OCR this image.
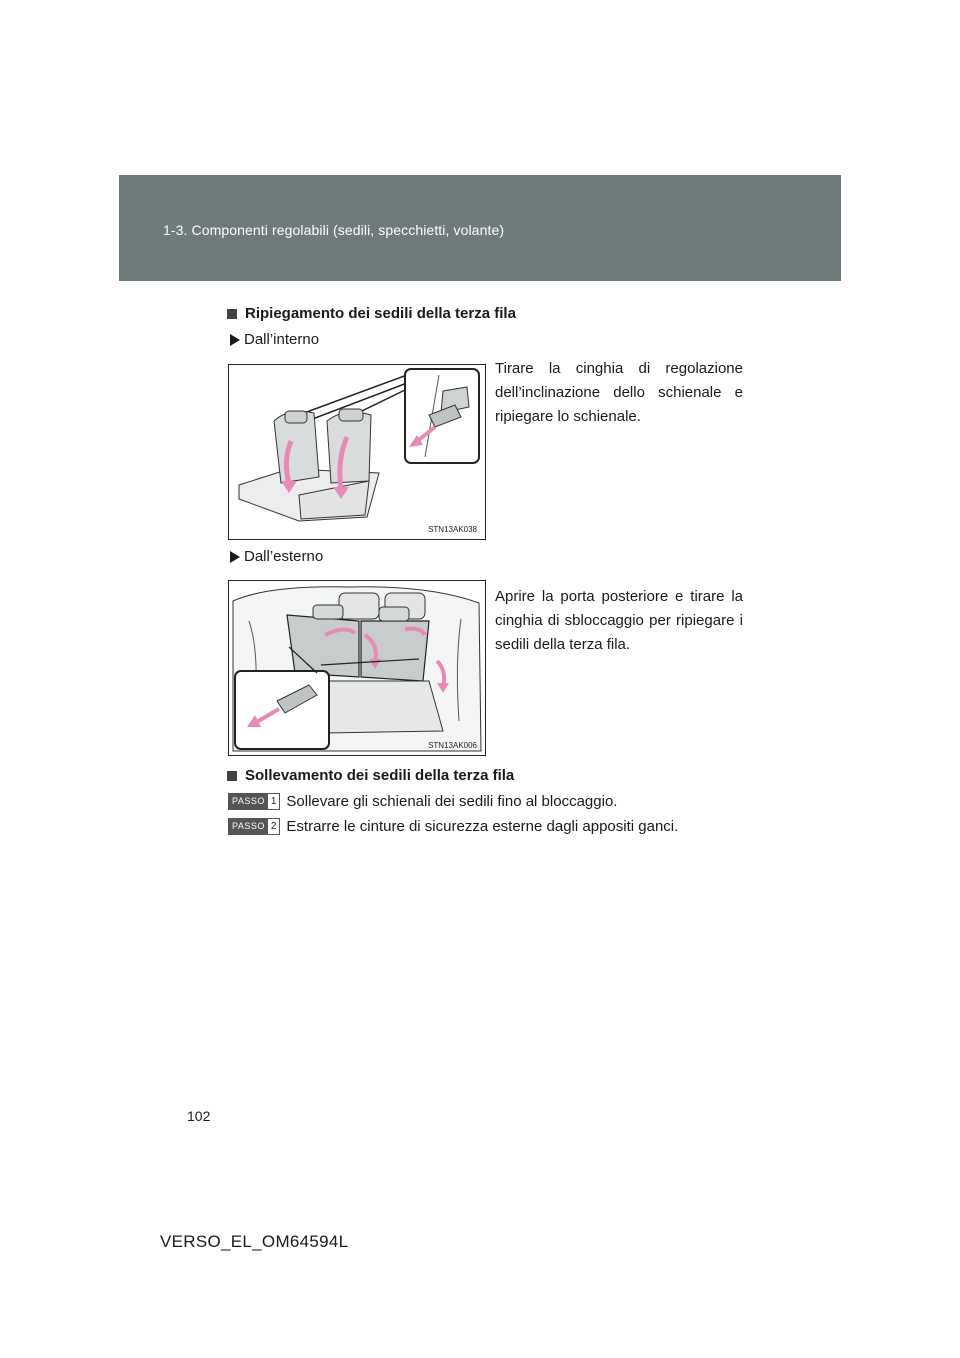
1-3. Componenti regolabili (sedili, specchietti, volante)
Ripiegamento dei sedili della terza fila
Dall’interno
STN13AK038

Tirare la cinghia di regolazione dell’inclinazione dello schienale e ripiegare lo schienale.

Dall’esterno
STN13AK006

Aprire la porta posteriore e tirare la cinghia di sbloccaggio per ripiegare i sedili della terza fila.

Sollevamento dei sedili della terza fila
PASSO 1 Sollevare gli schienali dei sedili fino al bloccaggio.
PASSO 2 Estrarre le cinture di sicurezza esterne dagli appositi ganci.
102
VERSO_EL_OM64594L
